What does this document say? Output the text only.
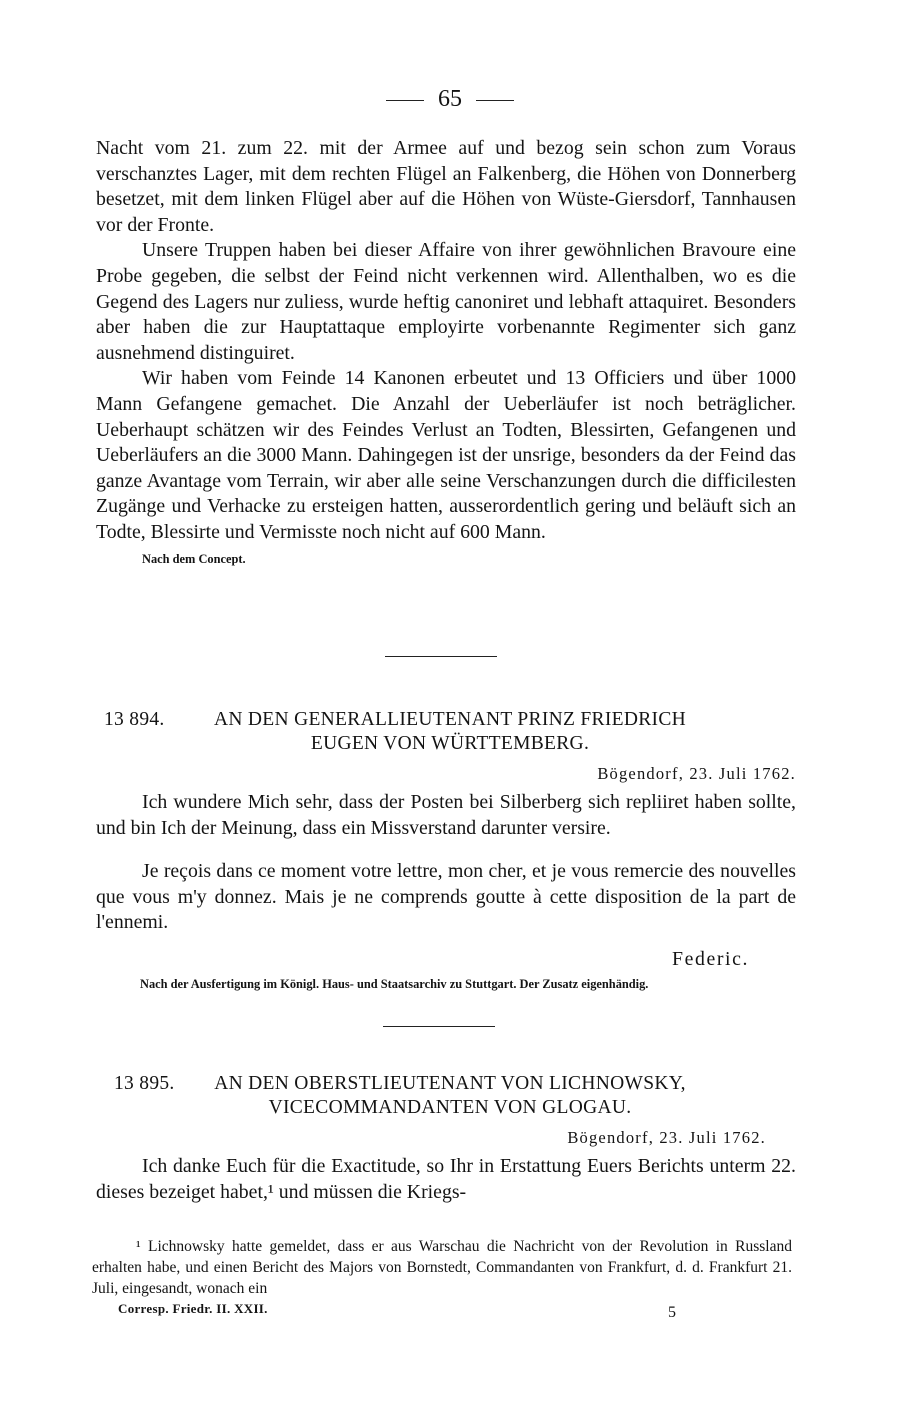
65

Nacht vom 21. zum 22. mit der Armee auf und bezog sein schon zum Voraus verschanztes Lager, mit dem rechten Flügel an Falkenberg, die Höhen von Donnerberg besetzet, mit dem linken Flügel aber auf die Höhen von Wüste-Giersdorf, Tannhausen vor der Fronte.

Unsere Truppen haben bei dieser Affaire von ihrer gewöhnlichen Bravoure eine Probe gegeben, die selbst der Feind nicht verkennen wird. Allenthalben, wo es die Gegend des Lagers nur zuliess, wurde heftig canoniret und lebhaft attaquiret. Besonders aber haben die zur Hauptattaque employirte vorbenannte Regimenter sich ganz ausnehmend distinguiret.

Wir haben vom Feinde 14 Kanonen erbeutet und 13 Officiers und über 1000 Mann Gefangene gemachet. Die Anzahl der Ueberläufer ist noch beträglicher. Ueberhaupt schätzen wir des Feindes Verlust an Todten, Blessirten, Gefangenen und Ueberläufers an die 3000 Mann. Dahingegen ist der unsrige, besonders da der Feind das ganze Avantage vom Terrain, wir aber alle seine Verschanzungen durch die difficilesten Zugänge und Verhacke zu ersteigen hatten, ausserordentlich gering und beläuft sich an Todte, Blessirte und Vermisste noch nicht auf 600 Mann.

Nach dem Concept.

13 894.	AN DEN GENERALLIEUTENANT PRINZ FRIEDRICH
EUGEN VON WÜRTTEMBERG.
Bögendorf, 23. Juli 1762.

Ich wundere Mich sehr, dass der Posten bei Silberberg sich repliiret haben sollte, und bin Ich der Meinung, dass ein Missverstand darunter versire.

Je reçois dans ce moment votre lettre, mon cher, et je vous remercie des nouvelles que vous m'y donnez. Mais je ne comprends goutte à cette disposition de la part de l'ennemi.

Federic.

Nach der Ausfertigung im Königl. Haus- und Staatsarchiv zu Stuttgart. Der Zusatz eigenhändig.

13 895.	AN DEN OBERSTLIEUTENANT VON LICHNOWSKY,
VICECOMMANDANTEN VON GLOGAU.
Bögendorf, 23. Juli 1762.

Ich danke Euch für die Exactitude, so Ihr in Erstattung Euers Berichts unterm 22. dieses bezeiget habet,¹ und müssen die Kriegs-

¹ Lichnowsky hatte gemeldet, dass er aus Warschau die Nachricht von der Revolution in Russland erhalten habe, und einen Bericht des Majors von Bornstedt, Commandanten von Frankfurt, d. d. Frankfurt 21. Juli, eingesandt, wonach ein

Corresp. Friedr. II. XXII.	5
